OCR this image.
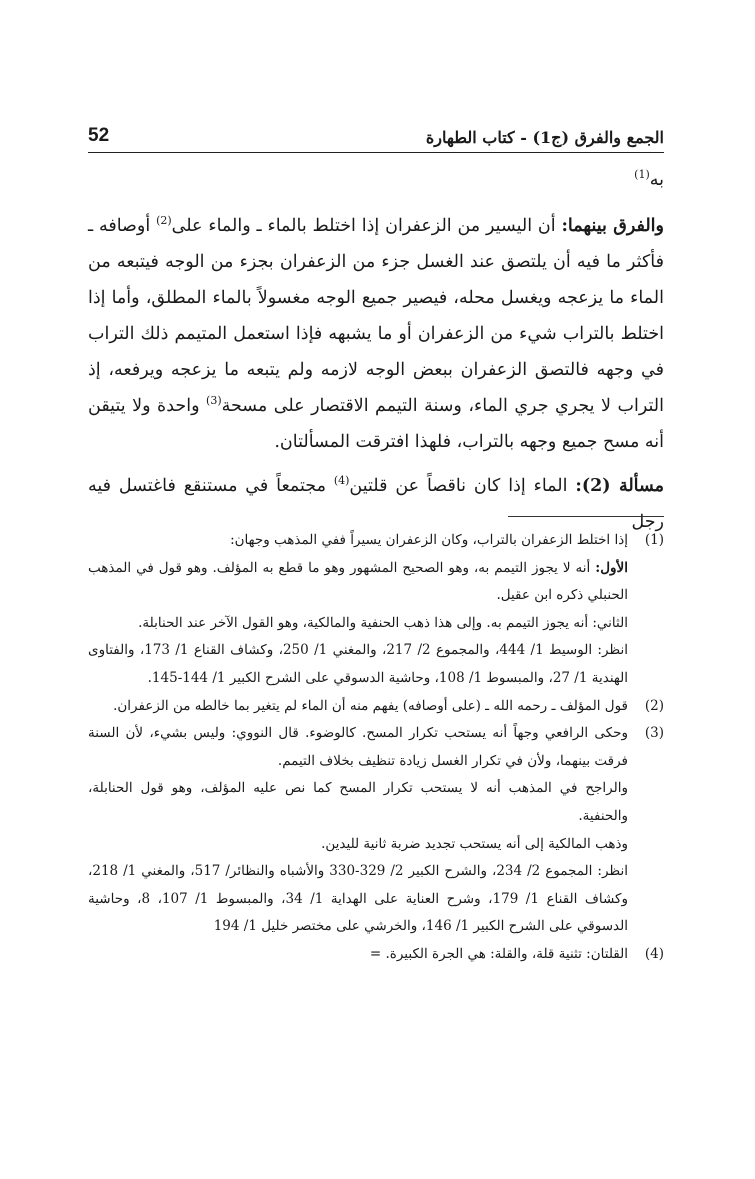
52	الجمع والفرق (ج1) - كتاب الطهارة

به$^{(1)}$

والفرق بينهما: أن اليسير من الزعفران إذا اختلط بالماء ـ والماء على$^{(2)}$ أوصافه ـ فأكثر ما فيه أن يلتصق عند الغسل جزء من الزعفران بجزء من الوجه فيتبعه من الماء ما يزعجه ويغسل محله، فيصير جميع الوجه مغسولاً بالماء المطلق، وأما إذا اختلط بالتراب شيء من الزعفران أو ما يشبهه فإذا استعمل المتيمم ذلك التراب في وجهه فالتصق الزعفران ببعض الوجه لازمه ولم يتبعه ما يزعجه ويرفعه، إذ التراب لا يجري جري الماء، وسنة التيمم الاقتصار على مسحة$^{(3)}$ واحدة ولا يتيقن أنه مسح جميع وجهه بالتراب، فلهذا افترقت المسألتان.

مسألة (2): الماء إذا كان ناقصاً عن قلتين$^{(4)}$ مجتمعاً في مستنقع فاغتسل فيه رجل

(1)

إذا اختلط الزعفران بالتراب، وكان الزعفران يسيراً ففي المذهب وجهان:

الأول: أنه لا يجوز التيمم به، وهو الصحيح المشهور وهو ما قطع به المؤلف. وهو قول في المذهب الحنبلي ذكره ابن عقيل.

الثاني: أنه يجوز التيمم به. وإلى هذا ذهب الحنفية والمالكية، وهو القول الآخر عند الحنابلة.

انظر: الوسيط 1/ 444، والمجموع 2/ 217، والمغني 1/ 250، وكشاف القناع 1/ 173، والفتاوى الهندية 1/ 27، والمبسوط 1/ 108، وحاشية الدسوقي على الشرح الكبير 1/ 144-145.

(2)

قول المؤلف ـ رحمه الله ـ (على أوصافه) يفهم منه أن الماء لم يتغير بما خالطه من الزعفران.

(3)

وحكى الرافعي وجهاً أنه يستحب تكرار المسح. كالوضوء. قال النووي: وليس بشيء، لأن السنة فرقت بينهما، ولأن في تكرار الغسل زيادة تنظيف بخلاف التيمم.

والراجح في المذهب أنه لا يستحب تكرار المسح كما نص عليه المؤلف، وهو قول الحنابلة، والحنفية.

وذهب المالكية إلى أنه يستحب تجديد ضربة ثانية لليدين.

انظر: المجموع 2/ 234، والشرح الكبير 2/ 329-330 والأشباه والنظائر/ 517، والمغني 1/ 218، وكشاف القناع 1/ 179، وشرح العناية على الهداية 1/ 34، والمبسوط 1/ 107، 8، وحاشية الدسوقي على الشرح الكبير 1/ 146، والخرشي على مختصر خليل 1/ 194

(4)

القلتان: تثنية قلة، والقلة: هي الجرة الكبيرة. =
